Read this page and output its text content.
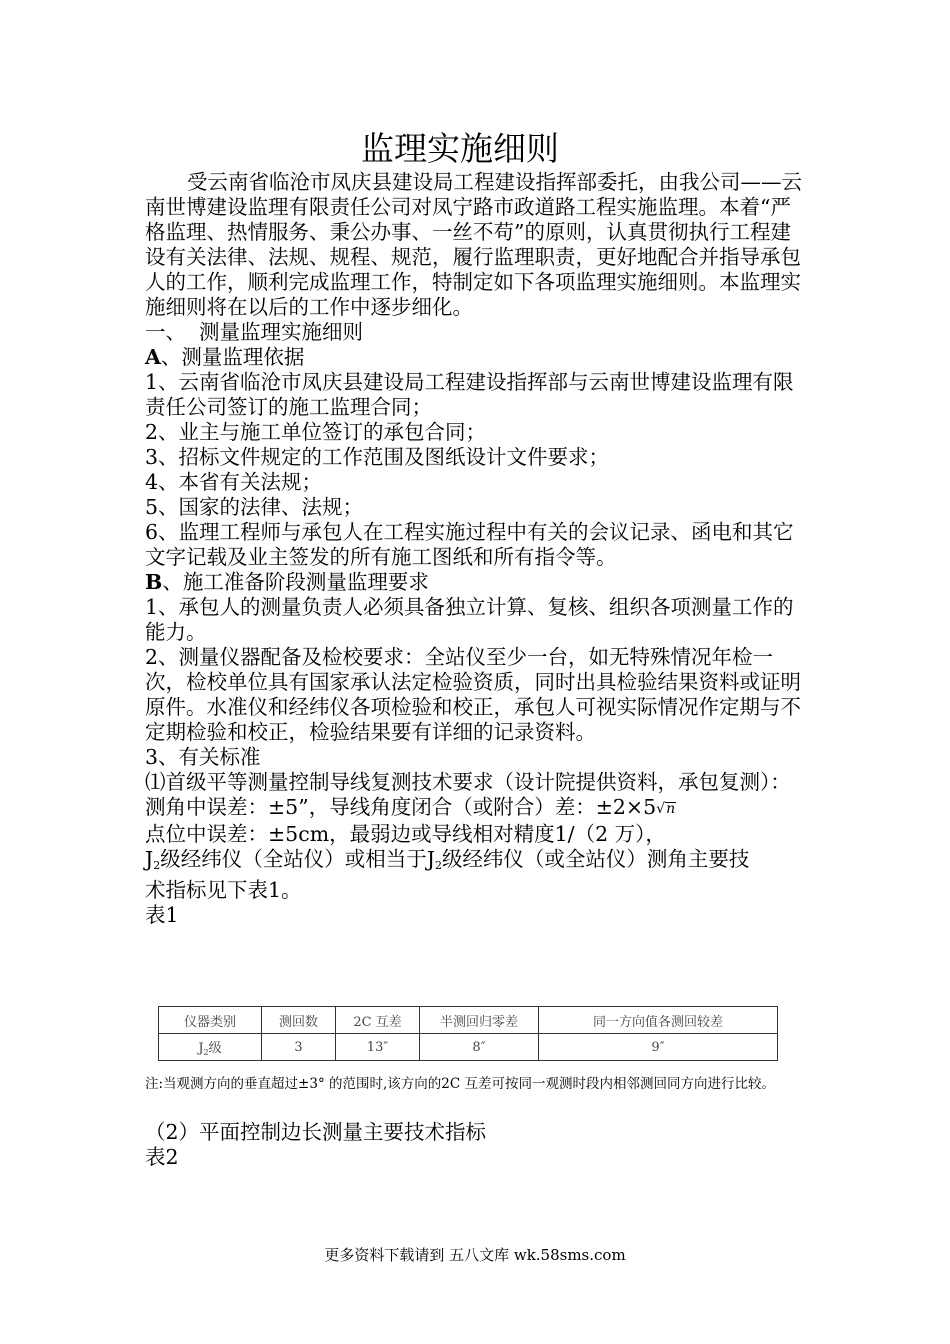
监理实施细则

受云南省临沧市凤庆县建设局工程建设指挥部委托，由我公司——云南世博建设监理有限责任公司对凤宁路市政道路工程实施监理。本着“严格监理、热情服务、秉公办事、一丝不苟”的原则，认真贯彻执行工程建设有关法律、法规、规程、规范，履行监理职责，更好地配合并指导承包人的工作，顺利完成监理工作，特制定如下各项监理实施细则。本监理实施细则将在以后的工作中逐步细化。

一、  测量监理实施细则

A、测量监理依据

1、云南省临沧市凤庆县建设局工程建设指挥部与云南世博建设监理有限责任公司签订的施工监理合同；

2、业主与施工单位签订的承包合同；

3、招标文件规定的工作范围及图纸设计文件要求；

4、本省有关法规；

5、国家的法律、法规；

6、监理工程师与承包人在工程实施过程中有关的会议记录、函电和其它文字记载及业主签发的所有施工图纸和所有指令等。

B、施工准备阶段测量监理要求

1、承包人的测量负责人必须具备独立计算、复核、组织各项测量工作的能力。

2、测量仪器配备及检校要求：全站仪至少一台，如无特殊情况年检一次，检校单位具有国家承认法定检验资质，同时出具检验结果资料或证明原件。水准仪和经纬仪各项检验和校正，承包人可视实际情况作定期与不定期检验和校正，检验结果要有详细的记录资料。

3、有关标准

⑴首级平等测量控制导线复测技术要求（设计院提供资料，承包复测）：

测角中误差：±5”，导线角度闭合（或附合）差：±2×5√n

点位中误差：±5cm，最弱边或导线相对精度1/（2 万），

$J_2$级经纬仪（全站仪）或相当于$J_2$级经纬仪（或全站仪）测角主要技

术指标见下表1。

表1

仪器类别	测回数	2C 互差	半测回归零差	同一方向值各测回较差
$J_2$级	3	13″	8″	9″
注:当观测方向的垂直超过±3° 的范围时,该方向的2C 互差可按同一观测时段内相邻测回同方向进行比较。

（2）平面控制边长测量主要技术指标

表2

更多资料下载请到 五八文库 wk.58sms.com
